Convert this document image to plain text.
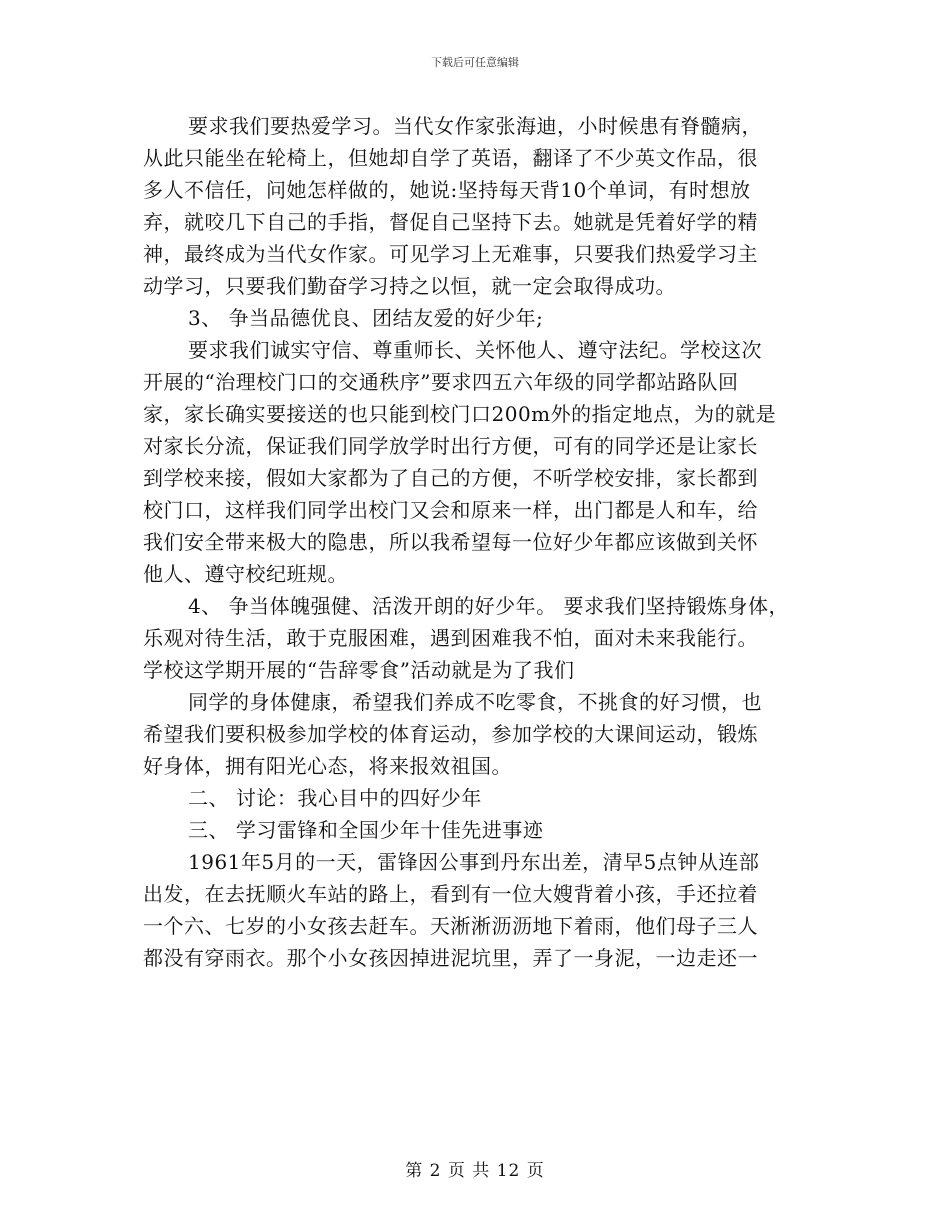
下载后可任意编辑
要求我们要热爱学习。当代女作家张海迪，小时候患有脊髓病，
从此只能坐在轮椅上，但她却自学了英语，翻译了不少英文作品，很
多人不信任，问她怎样做的，她说:坚持每天背10个单词，有时想放
弃，就咬几下自己的手指，督促自己坚持下去。她就是凭着好学的精
神，最终成为当代女作家。可见学习上无难事，只要我们热爱学习主
动学习，只要我们勤奋学习持之以恒，就一定会取得成功。
3、 争当品德优良、团结友爱的好少年;
要求我们诚实守信、尊重师长、关怀他人、遵守法纪。学校这次
开展的“治理校门口的交通秩序”要求四五六年级的同学都站路队回
家，家长确实要接送的也只能到校门口200m外的指定地点，为的就是
对家长分流，保证我们同学放学时出行方便，可有的同学还是让家长
到学校来接，假如大家都为了自己的方便，不听学校安排，家长都到
校门口，这样我们同学出校门又会和原来一样，出门都是人和车，给
我们安全带来极大的隐患，所以我希望每一位好少年都应该做到关怀
他人、遵守校纪班规。
4、 争当体魄强健、活泼开朗的好少年。 要求我们坚持锻炼身体，
乐观对待生活，敢于克服困难，遇到困难我不怕，面对未来我能行。
学校这学期开展的“告辞零食”活动就是为了我们
同学的身体健康，希望我们养成不吃零食，不挑食的好习惯，也
希望我们要积极参加学校的体育运动，参加学校的大课间运动，锻炼
好身体，拥有阳光心态，将来报效祖国。
二、 讨论：我心目中的四好少年
三、 学习雷锋和全国少年十佳先进事迹
1961年5月的一天，雷锋因公事到丹东出差，清早5点钟从连部
出发，在去抚顺火车站的路上，看到有一位大嫂背着小孩，手还拉着
一个六、七岁的小女孩去赶车。天淅淅沥沥地下着雨，他们母子三人
都没有穿雨衣。那个小女孩因掉进泥坑里，弄了一身泥，一边走还一
第 2 页 共 12 页
